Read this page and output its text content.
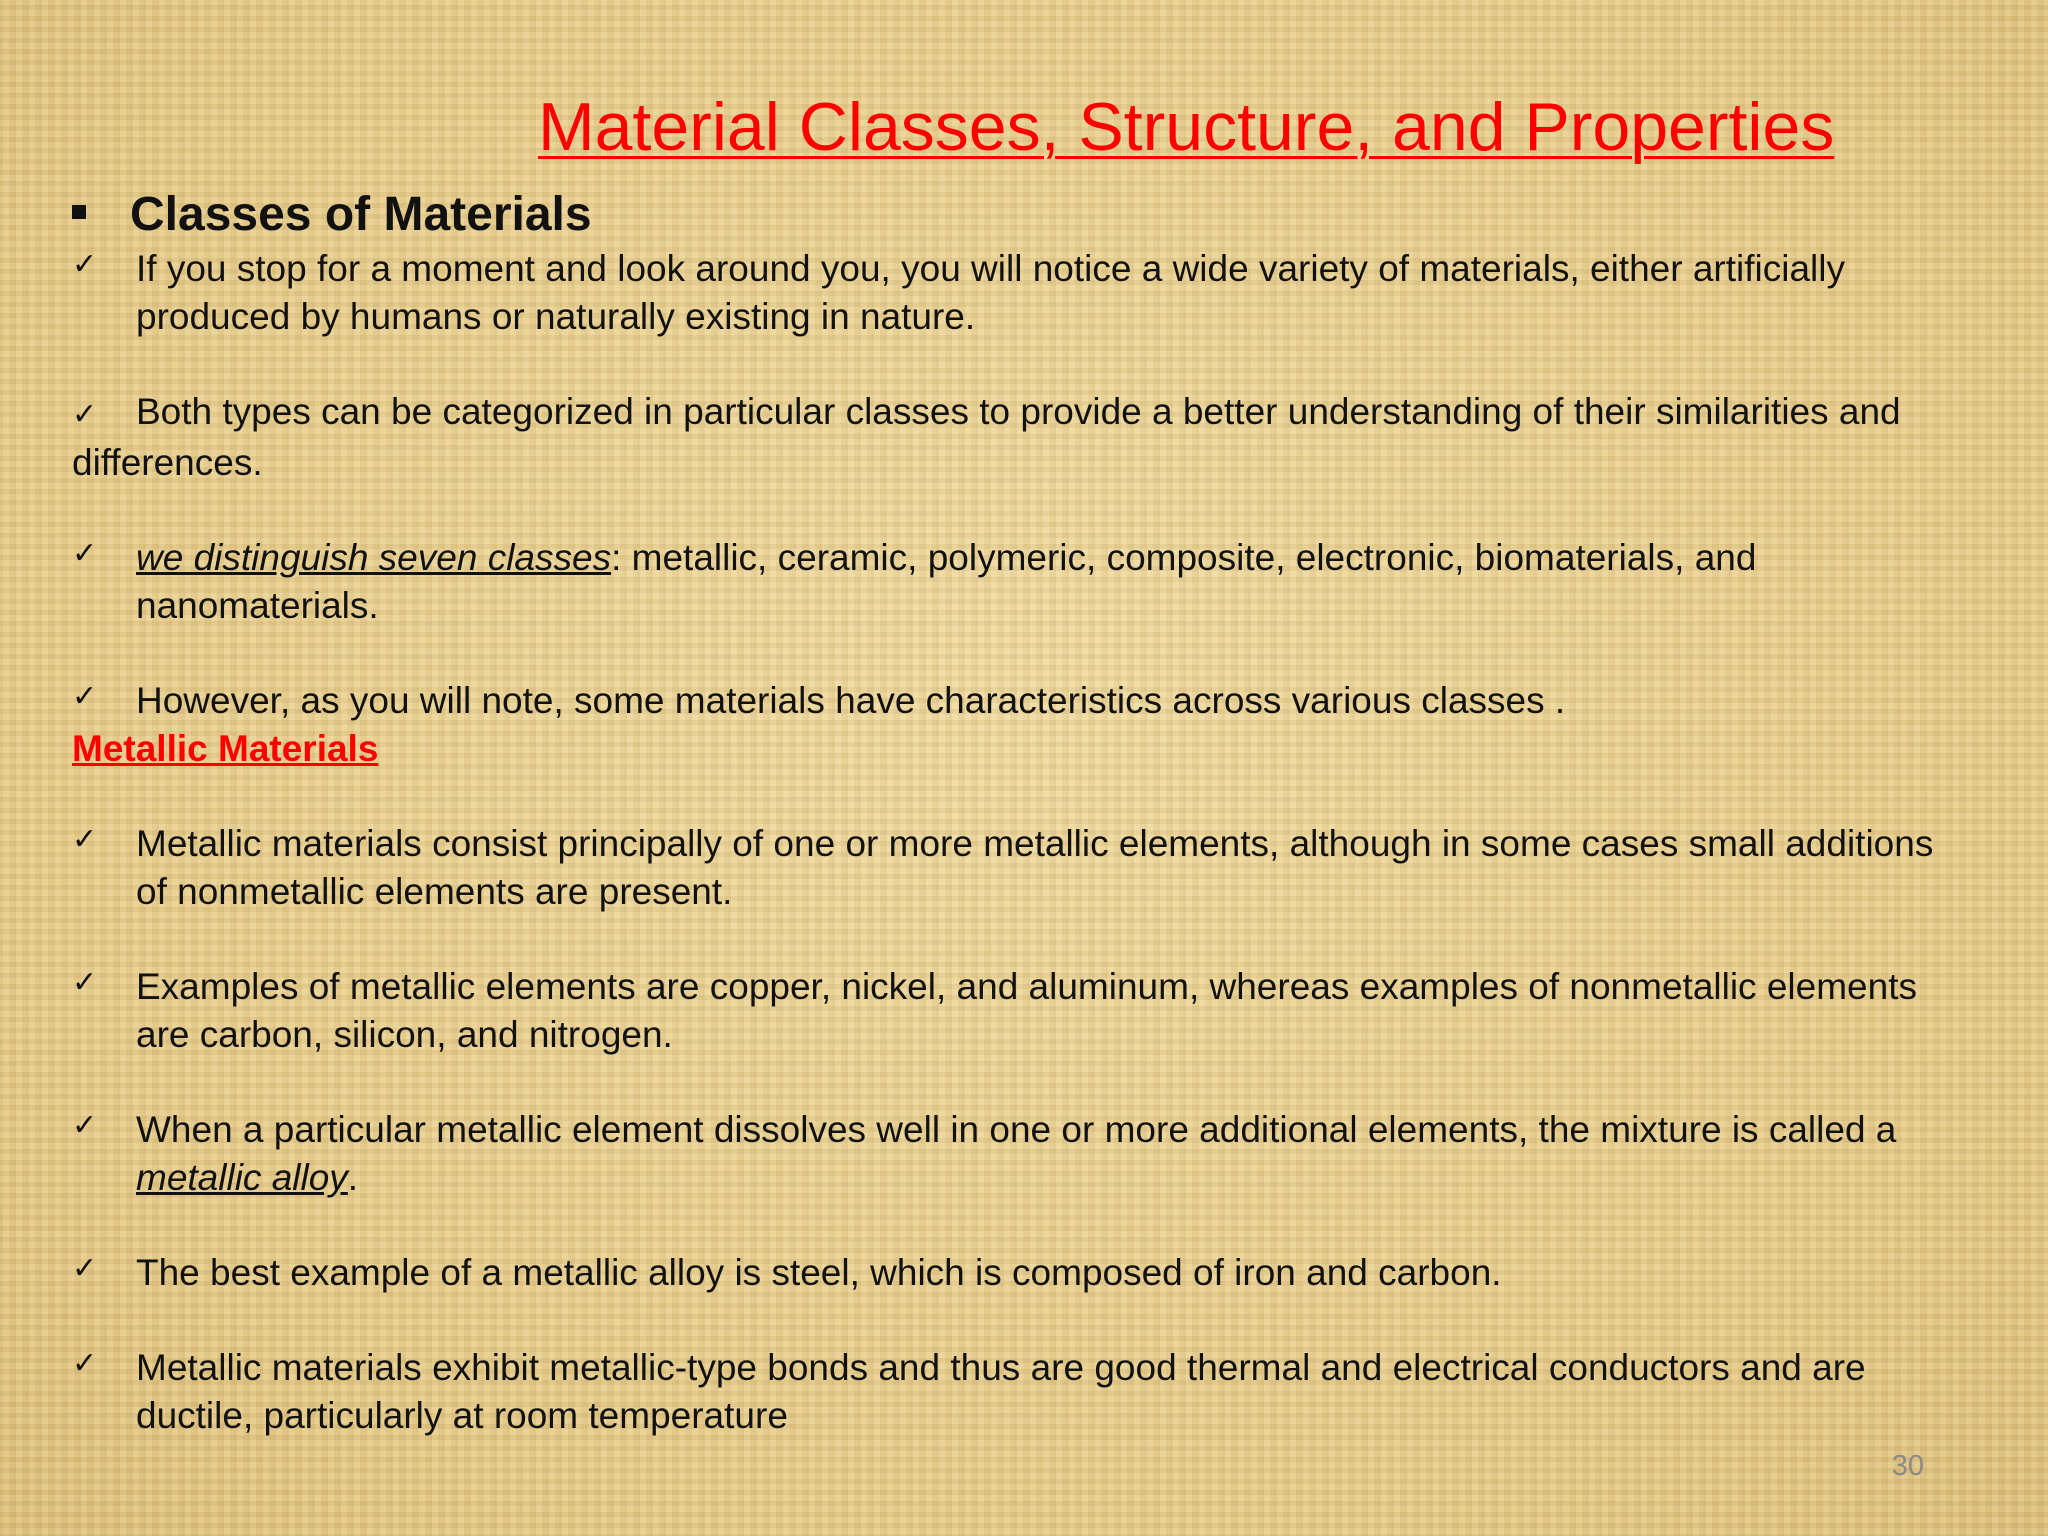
Material Classes, Structure, and Properties
Classes of Materials
✓ If you stop for a moment and look around you, you will notice a wide variety of materials, either artificially produced by humans or naturally existing in nature.
✓ Both types can be categorized in particular classes to provide a better understanding of their similarities and differences.
✓ we distinguish seven classes: metallic, ceramic, polymeric, composite, electronic, biomaterials, and nanomaterials.
✓ However, as you will note, some materials have characteristics across various classes .
Metallic Materials
✓ Metallic materials consist principally of one or more metallic elements, although in some cases small additions of nonmetallic elements are present.
✓ Examples of metallic elements are copper, nickel, and aluminum, whereas examples of nonmetallic elements are carbon, silicon, and nitrogen.
✓ When a particular metallic element dissolves well in one or more additional elements, the mixture is called a metallic alloy.
✓ The best example of a metallic alloy is steel, which is composed of iron and carbon.
✓ Metallic materials exhibit metallic-type bonds and thus are good thermal and electrical conductors and are ductile, particularly at room temperature
30
